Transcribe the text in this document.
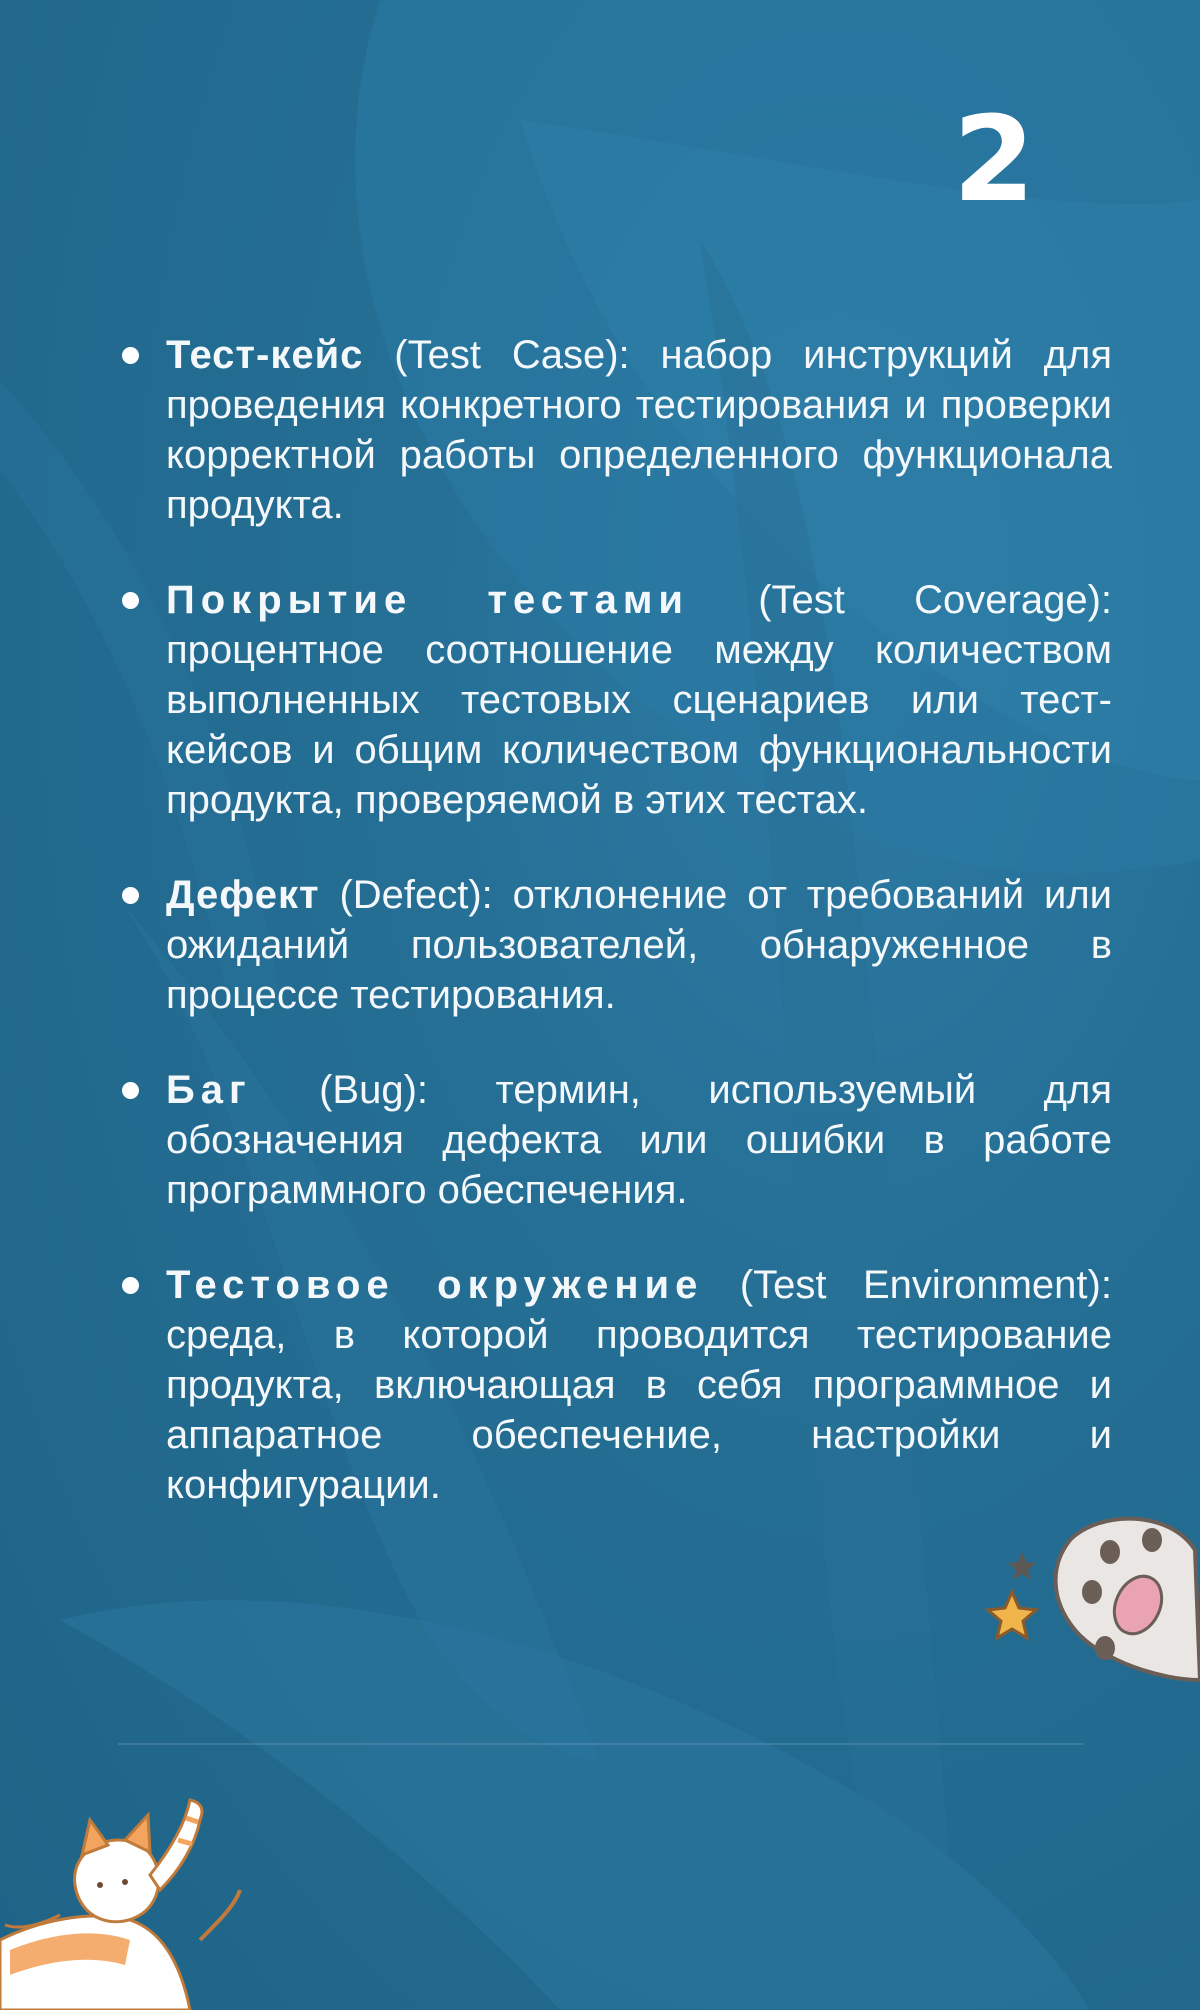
2
Тест-кейс (Test Case): набор инструкций для проведения конкретного тестирования и проверки корректной работы определенного функционала продукта.
Покрытие тестами (Test Coverage): процентное соотношение между количеством выполненных тестовых сценариев или тест-кейсов и общим количеством функциональности продукта, проверяемой в этих тестах.
Дефект (Defect): отклонение от требований или ожиданий пользователей, обнаруженное в процессе тестирования.
Баг (Bug): термин, используемый для обозначения дефекта или ошибки в работе программного обеспечения.
Тестовое окружение (Test Environment): среда, в которой проводится тестирование продукта, включающая в себя программное и аппаратное обеспечение, настройки и конфигурации.
